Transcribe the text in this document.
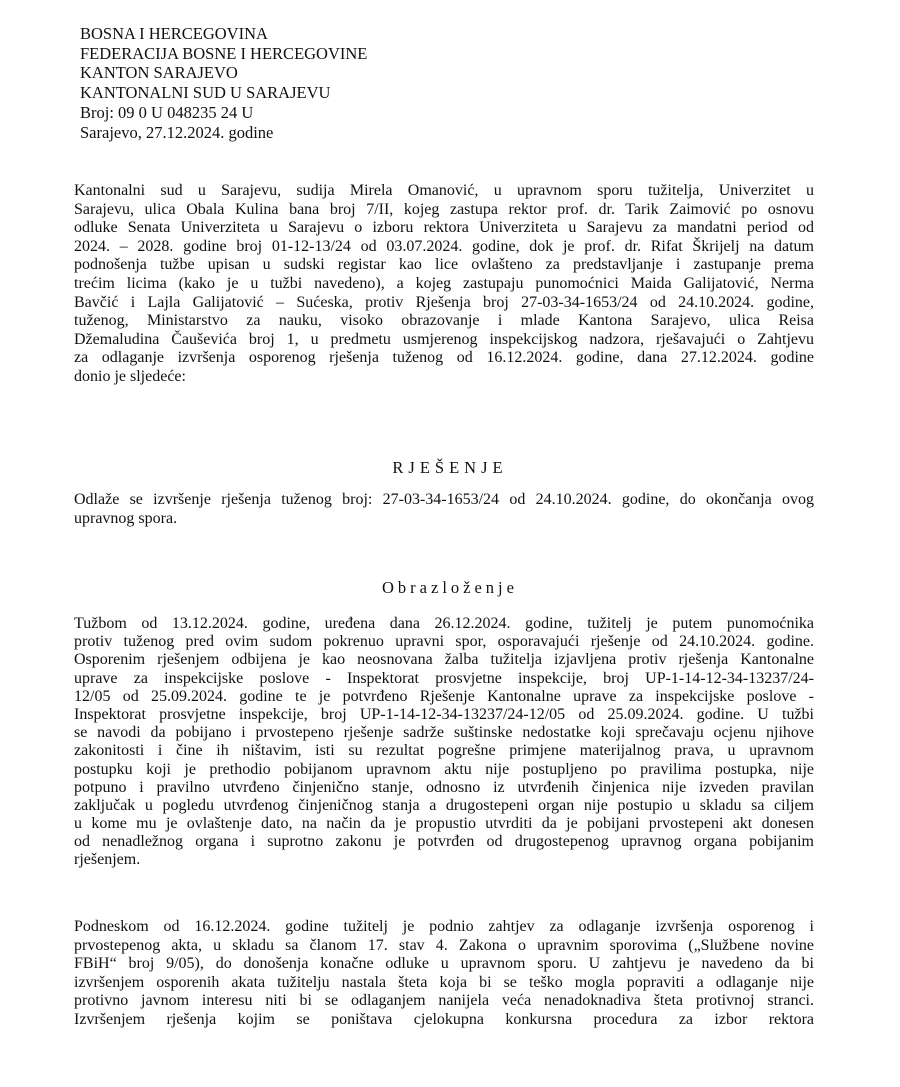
BOSNA I HERCEGOVINA
FEDERACIJA BOSNE I HERCEGOVINE
KANTON SARAJEVO
KANTONALNI SUD U SARAJEVU
Broj: 09 0 U 048235 24 U
Sarajevo, 27.12.2024. godine
Kantonalni sud u Sarajevu, sudija Mirela Omanović, u upravnom sporu tužitelja, Univerzitet u
Sarajevu, ulica Obala Kulina bana broj 7/II, kojeg zastupa rektor prof. dr. Tarik Zaimović po osnovu
odluke Senata Univerziteta u Sarajevu o izboru rektora Univerziteta u Sarajevu za mandatni period od
2024. – 2028. godine broj 01-12-13/24 od 03.07.2024. godine, dok je prof. dr. Rifat Škrijelj na datum
podnošenja tužbe upisan u sudski registar kao lice ovlašteno za predstavljanje i zastupanje prema
trećim licima (kako je u tužbi navedeno), a kojeg zastupaju punomoćnici Maida Galijatović, Nerma
Bavčić i Lajla Galijatović – Sućeska, protiv Rješenja broj 27-03-34-1653/24 od 24.10.2024. godine,
tuženog, Ministarstvo za nauku, visoko obrazovanje i mlade Kantona Sarajevo, ulica Reisa
Džemaludina Čauševića broj 1, u predmetu usmjerenog inspekcijskog nadzora, rješavajući o Zahtjevu
za odlaganje izvršenja osporenog rješenja tuženog od 16.12.2024. godine, dana 27.12.2024. godine
donio je sljedeće:
RJEŠENJE
Odlaže se izvršenje rješenja tuženog broj: 27-03-34-1653/24 od 24.10.2024. godine, do okončanja ovog
upravnog spora.
Obrazloženje
Tužbom od 13.12.2024. godine, uređena dana 26.12.2024. godine, tužitelj je putem punomoćnika
protiv tuženog pred ovim sudom pokrenuo upravni spor, osporavajući rješenje od 24.10.2024. godine.
Osporenim rješenjem odbijena je kao neosnovana žalba tužitelja izjavljena protiv rješenja Kantonalne
uprave za inspekcijske poslove - Inspektorat prosvjetne inspekcije, broj UP-1-14-12-34-13237/24-
12/05 od 25.09.2024. godine te je potvrđeno Rješenje Kantonalne uprave za inspekcijske poslove -
Inspektorat prosvjetne inspekcije, broj UP-1-14-12-34-13237/24-12/05 od 25.09.2024. godine. U tužbi
se navodi da pobijano i prvostepeno rješenje sadrže suštinske nedostatke koji sprečavaju ocjenu njihove
zakonitosti i čine ih ništavim, isti su rezultat pogrešne primjene materijalnog prava, u upravnom
postupku koji je prethodio pobijanom upravnom aktu nije postupljeno po pravilima postupka, nije
potpuno i pravilno utvrđeno činjenično stanje, odnosno iz utvrđenih činjenica nije izveden pravilan
zaključak u pogledu utvrđenog činjeničnog stanja a drugostepeni organ nije postupio u skladu sa ciljem
u kome mu je ovlaštenje dato, na način da je propustio utvrditi da je pobijani prvostepeni akt donesen
od nenadležnog organa i suprotno zakonu je potvrđen od drugostepenog upravnog organa pobijanim
rješenjem.
Podneskom od 16.12.2024. godine tužitelj je podnio zahtjev za odlaganje izvršenja osporenog i
prvostepenog akta, u skladu sa članom 17. stav 4. Zakona o upravnim sporovima („Službene novine
FBiH“ broj 9/05), do donošenja konačne odluke u upravnom sporu. U zahtjevu je navedeno da bi
izvršenjem osporenih akata tužitelju nastala šteta koja bi se teško mogla popraviti a odlaganje nije
protivno javnom interesu niti bi se odlaganjem nanijela veća nenadoknadiva šteta protivnoj stranci.
Izvršenjem rješenja kojim se poništava cjelokupna konkursna procedura za izbor rektora
